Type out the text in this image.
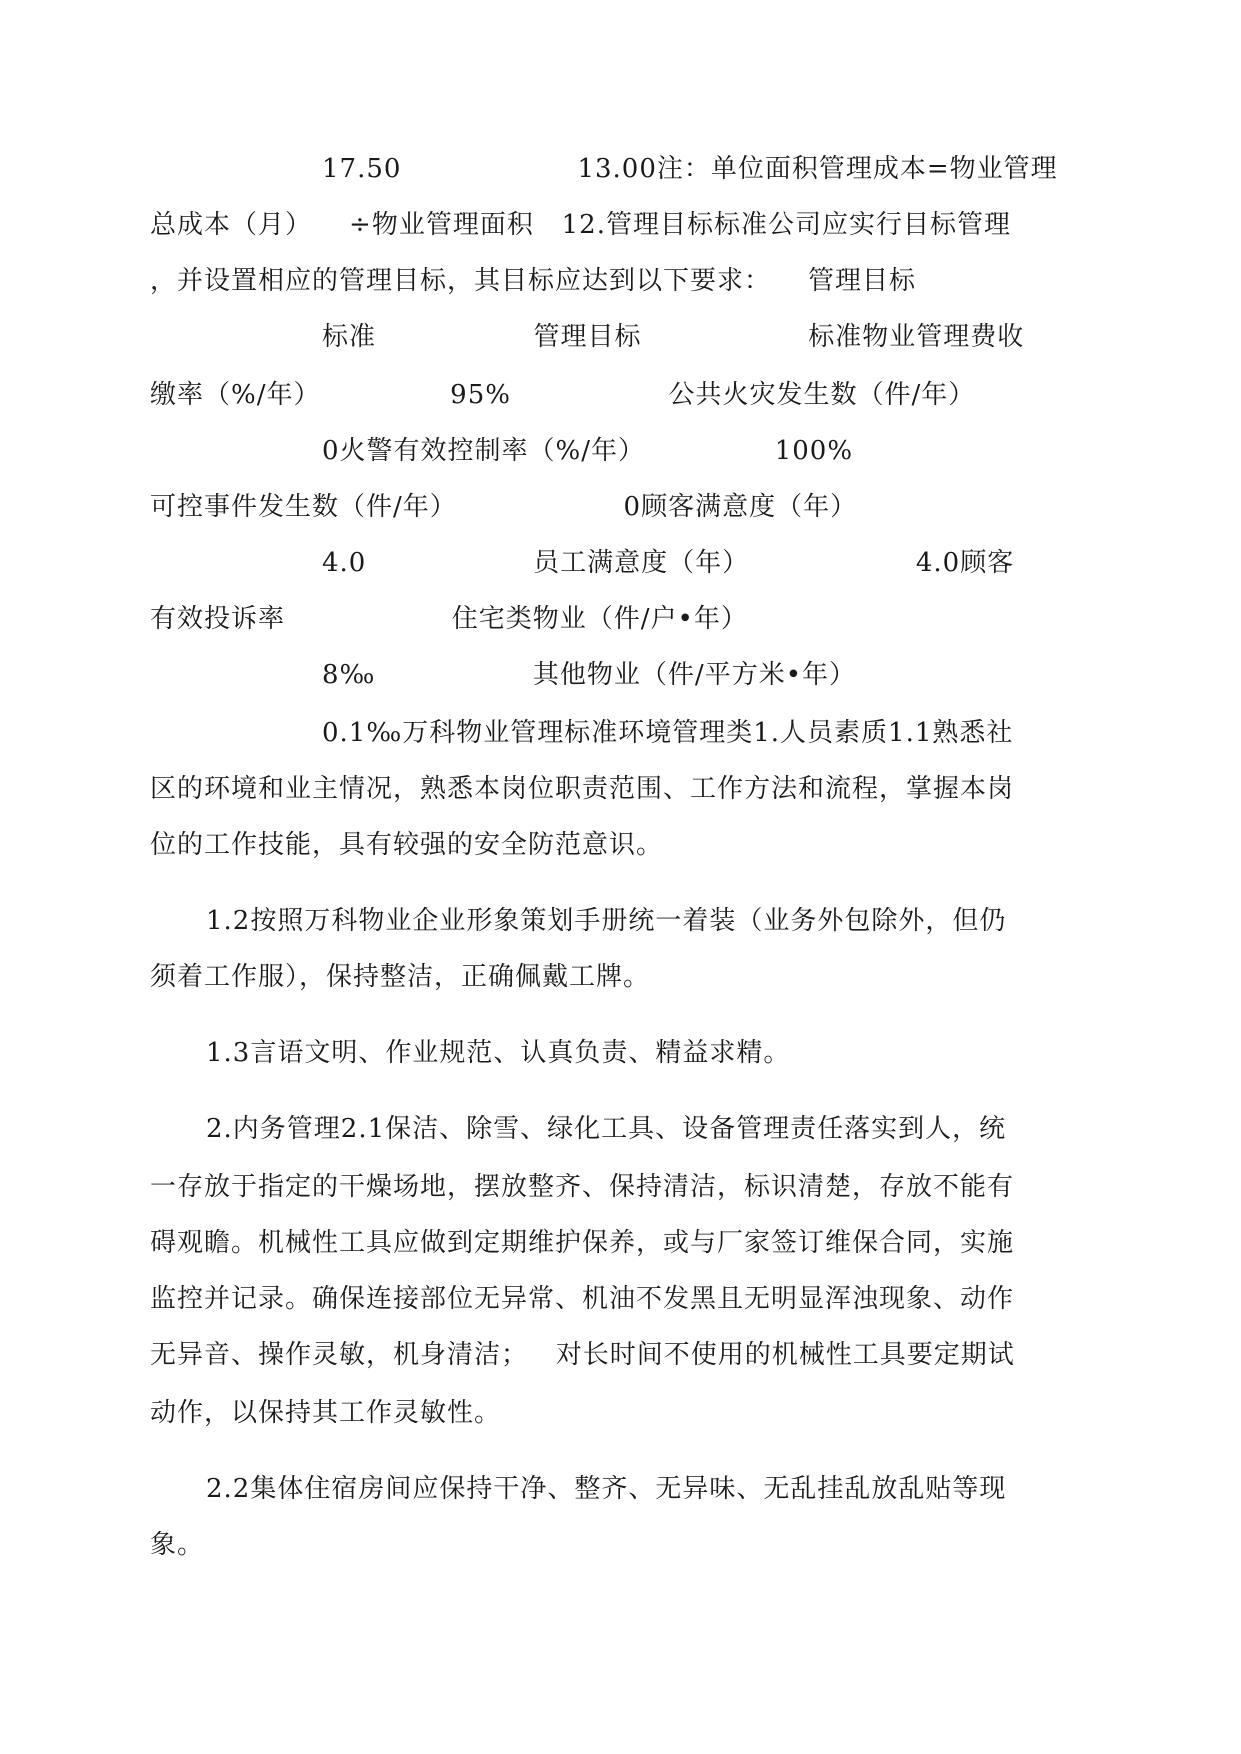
17.50                   13.00注：单位面积管理成本=物业管理
总成本（月）    ÷物业管理面积   12.管理目标标准公司应实行目标管理
，并设置相应的管理目标，其目标应达到以下要求：    管理目标
标准                 管理目标                  标准物业管理费收
缴率（%/年）              95%                 公共火灾发生数（件/年）
0火警有效控制率（%/年）              100%
可控事件发生数（件/年）                  0顾客满意度（年）
4.0                  员工满意度（年）                  4.0顾客
有效投诉率                  住宅类物业（件/户•年）
8‰                 其他物业（件/平方米•年）
0.1‰万科物业管理标准环境管理类1.人员素质1.1熟悉社
区的环境和业主情况，熟悉本岗位职责范围、工作方法和流程，掌握本岗
位的工作技能，具有较强的安全防范意识。
1.2按照万科物业企业形象策划手册统一着装（业务外包除外，但仍
须着工作服），保持整洁，正确佩戴工牌。
1.3言语文明、作业规范、认真负责、精益求精。
2.内务管理2.1保洁、除雪、绿化工具、设备管理责任落实到人，统
一存放于指定的干燥场地，摆放整齐、保持清洁，标识清楚，存放不能有
碍观瞻。机械性工具应做到定期维护保养，或与厂家签订维保合同，实施
监控并记录。确保连接部位无异常、机油不发黑且无明显浑浊现象、动作
无异音、操作灵敏，机身清洁；   对长时间不使用的机械性工具要定期试
动作，以保持其工作灵敏性。
2.2集体住宿房间应保持干净、整齐、无异味、无乱挂乱放乱贴等现
象。
